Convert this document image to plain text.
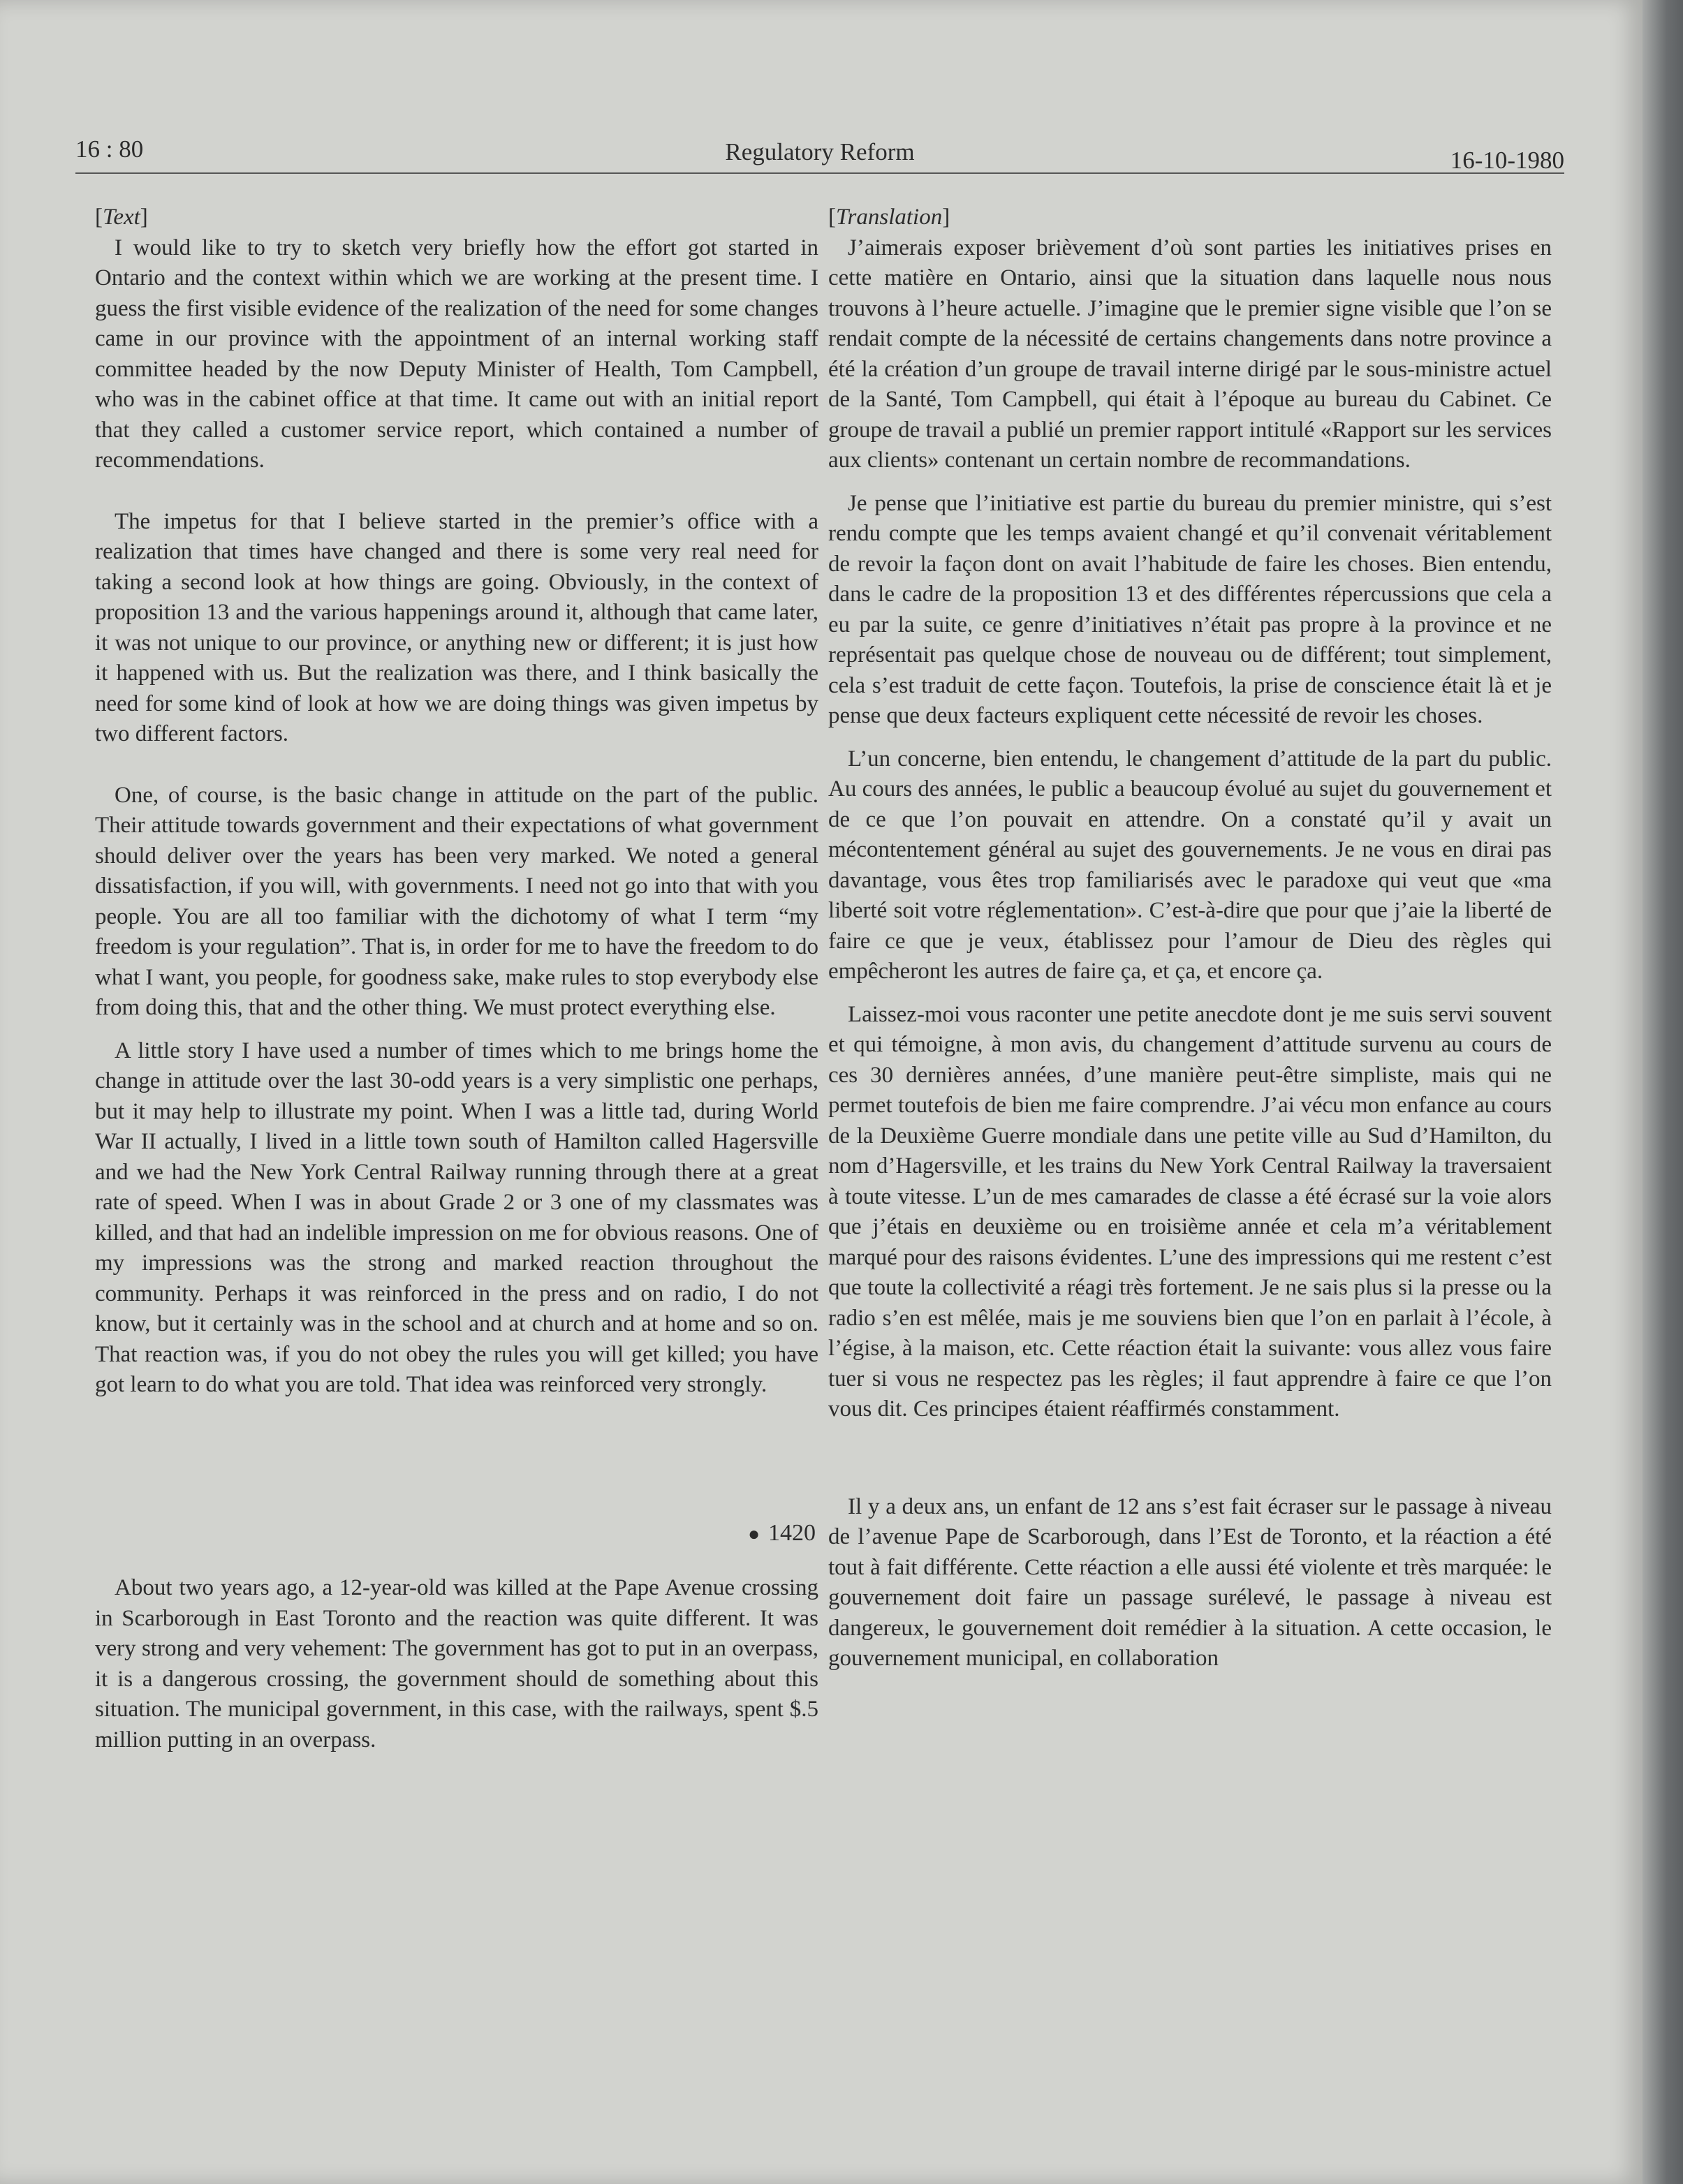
16 : 80	Regulatory Reform	16-10-1980
[Text]

I would like to try to sketch very briefly how the effort got started in Ontario and the context within which we are working at the present time. I guess the first visible evidence of the realization of the need for some changes came in our province with the appointment of an internal working staff committee headed by the now Deputy Minister of Health, Tom Campbell, who was in the cabinet office at that time. It came out with an initial report that they called a customer service report, which contained a number of recommendations.

The impetus for that I believe started in the premier’s office with a realization that times have changed and there is some very real need for taking a second look at how things are going. Obviously, in the context of proposition 13 and the various happenings around it, although that came later, it was not unique to our province, or anything new or different; it is just how it happened with us. But the realization was there, and I think basically the need for some kind of look at how we are doing things was given impetus by two different factors.

One, of course, is the basic change in attitude on the part of the public. Their attitude towards government and their expectations of what government should deliver over the years has been very marked. We noted a general dissatisfaction, if you will, with governments. I need not go into that with you people. You are all too familiar with the dichotomy of what I term “my freedom is your regulation”. That is, in order for me to have the freedom to do what I want, you people, for goodness sake, make rules to stop everybody else from doing this, that and the other thing. We must protect everything else.

A little story I have used a number of times which to me brings home the change in attitude over the last 30-odd years is a very simplistic one perhaps, but it may help to illustrate my point. When I was a little tad, during World War II actually, I lived in a little town south of Hamilton called Hagersville and we had the New York Central Railway running through there at a great rate of speed. When I was in about Grade 2 or 3 one of my classmates was killed, and that had an indelible impression on me for obvious reasons. One of my impressions was the strong and marked reaction throughout the community. Perhaps it was reinforced in the press and on radio, I do not know, but it certainly was in the school and at church and at home and so on. That reaction was, if you do not obey the rules you will get killed; you have got learn to do what you are told. That idea was reinforced very strongly.

● 1420

About two years ago, a 12-year-old was killed at the Pape Avenue crossing in Scarborough in East Toronto and the reaction was quite different. It was very strong and very vehement: The government has got to put in an overpass, it is a dangerous crossing, the government should de something about this situation. The municipal government, in this case, with the railways, spent $.5 million putting in an overpass.

[Translation]

J’aimerais exposer brièvement d’où sont parties les initiatives prises en cette matière en Ontario, ainsi que la situation dans laquelle nous nous trouvons à l’heure actuelle. J’imagine que le premier signe visible que l’on se rendait compte de la nécessité de certains changements dans notre province a été la création d’un groupe de travail interne dirigé par le sous-ministre actuel de la Santé, Tom Campbell, qui était à l’époque au bureau du Cabinet. Ce groupe de travail a publié un premier rapport intitulé «Rapport sur les services aux clients» contenant un certain nombre de recommandations.

Je pense que l’initiative est partie du bureau du premier ministre, qui s’est rendu compte que les temps avaient changé et qu’il convenait véritablement de revoir la façon dont on avait l’habitude de faire les choses. Bien entendu, dans le cadre de la proposition 13 et des différentes répercussions que cela a eu par la suite, ce genre d’initiatives n’était pas propre à la province et ne représentait pas quelque chose de nouveau ou de différent; tout simplement, cela s’est traduit de cette façon. Toutefois, la prise de conscience était là et je pense que deux facteurs expliquent cette nécessité de revoir les choses.

L’un concerne, bien entendu, le changement d’attitude de la part du public. Au cours des années, le public a beaucoup évolué au sujet du gouvernement et de ce que l’on pouvait en attendre. On a constaté qu’il y avait un mécontentement général au sujet des gouvernements. Je ne vous en dirai pas davantage, vous êtes trop familiarisés avec le paradoxe qui veut que «ma liberté soit votre réglementation». C’est-à-dire que pour que j’aie la liberté de faire ce que je veux, établissez pour l’amour de Dieu des règles qui empêcheront les autres de faire ça, et ça, et encore ça.

Laissez-moi vous raconter une petite anecdote dont je me suis servi souvent et qui témoigne, à mon avis, du changement d’attitude survenu au cours de ces 30 dernières années, d’une manière peut-être simpliste, mais qui ne permet toutefois de bien me faire comprendre. J’ai vécu mon enfance au cours de la Deuxième Guerre mondiale dans une petite ville au Sud d’Hamilton, du nom d’Hagersville, et les trains du New York Central Railway la traversaient à toute vitesse. L’un de mes camarades de classe a été écrasé sur la voie alors que j’étais en deuxième ou en troisième année et cela m’a véritablement marqué pour des raisons évidentes. L’une des impressions qui me restent c’est que toute la collectivité a réagi très fortement. Je ne sais plus si la presse ou la radio s’en est mêlée, mais je me souviens bien que l’on en parlait à l’école, à l’égise, à la maison, etc. Cette réaction était la suivante: vous allez vous faire tuer si vous ne respectez pas les règles; il faut apprendre à faire ce que l’on vous dit. Ces principes étaient réaffirmés constamment.

Il y a deux ans, un enfant de 12 ans s’est fait écraser sur le passage à niveau de l’avenue Pape de Scarborough, dans l’Est de Toronto, et la réaction a été tout à fait différente. Cette réaction a elle aussi été violente et très marquée: le gouvernement doit faire un passage surélevé, le passage à niveau est dangereux, le gouvernement doit remédier à la situation. A cette occasion, le gouvernement municipal, en collaboration
